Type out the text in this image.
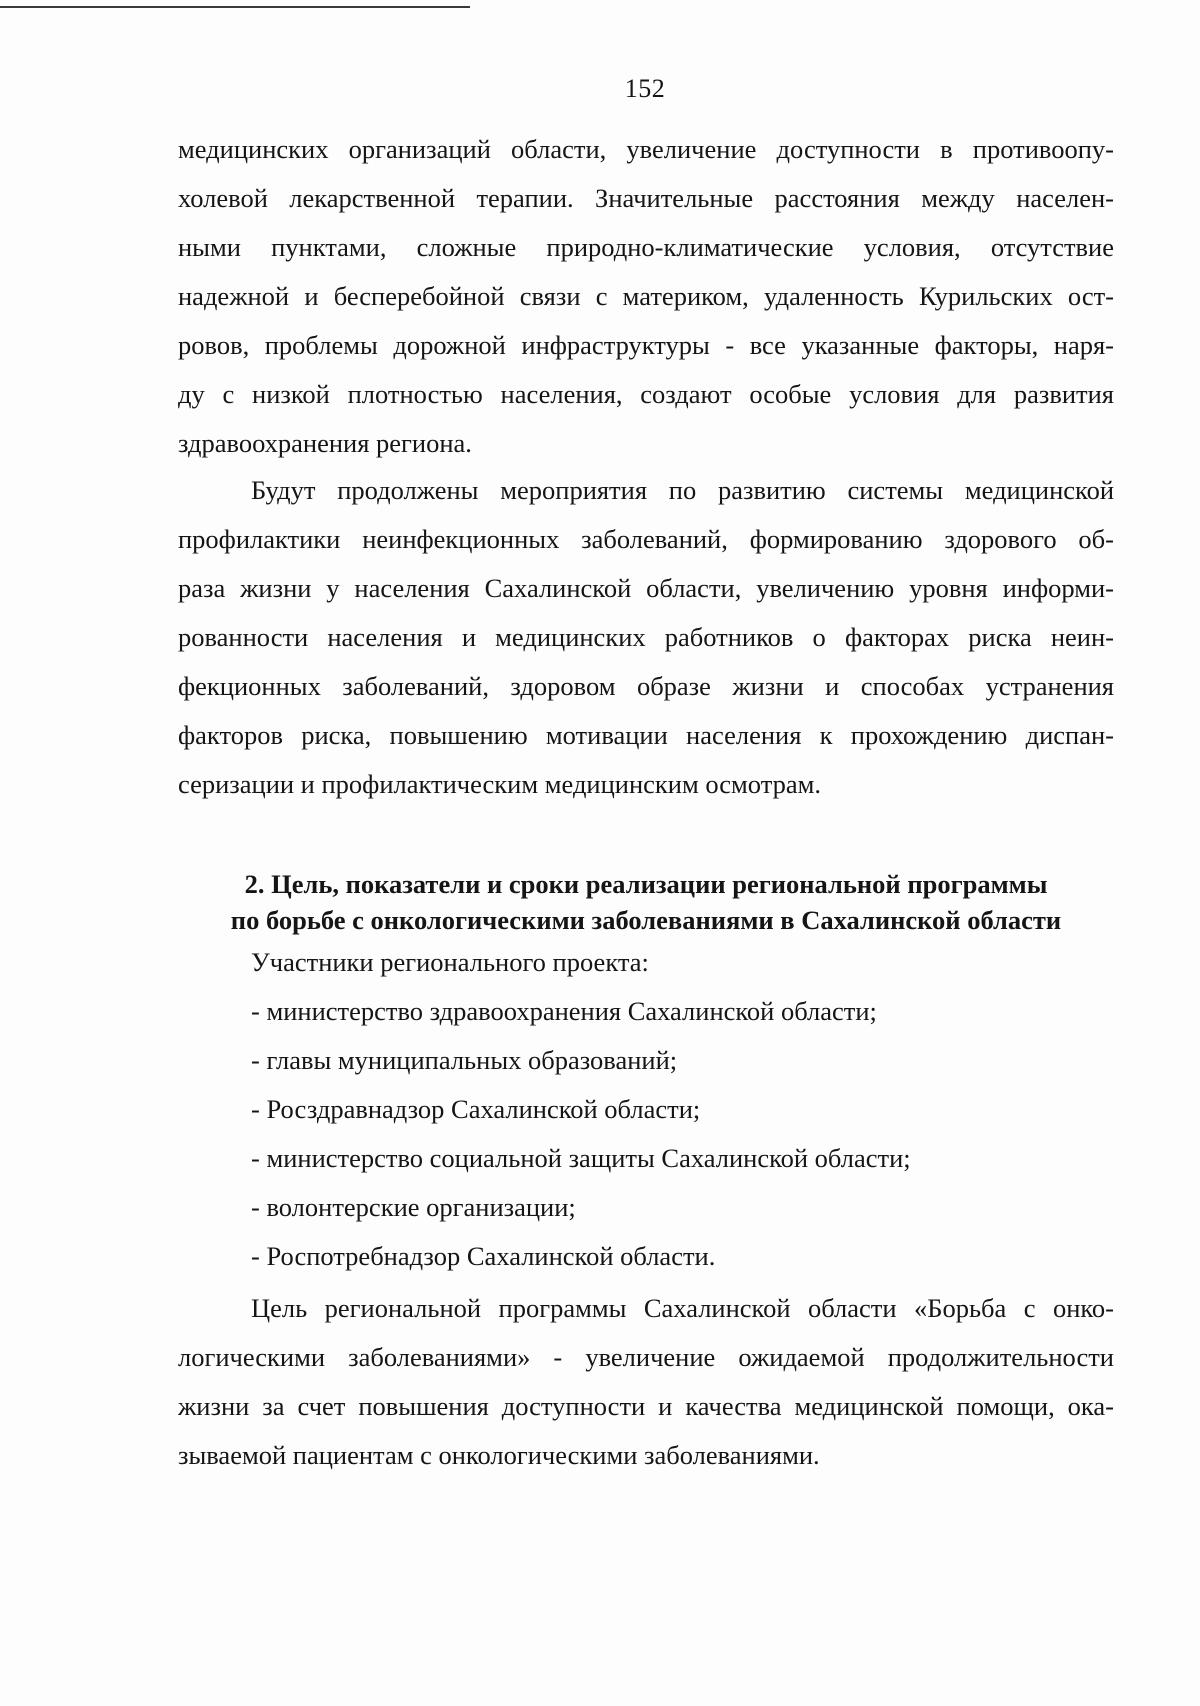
152
медицинских организаций области, увеличение доступности в противоопу-
холевой лекарственной терапии. Значительные расстояния между населен-
ными пунктами, сложные природно-климатические условия, отсутствие
надежной и бесперебойной связи с материком, удаленность Курильских ост-
ровов, проблемы дорожной инфраструктуры - все указанные факторы, наря-
ду с низкой плотностью населения, создают особые условия для развития
здравоохранения региона.
Будут продолжены мероприятия по развитию системы медицинской
профилактики неинфекционных заболеваний, формированию здорового об-
раза жизни у населения Сахалинской области, увеличению уровня информи-
рованности населения и медицинских работников о факторах риска неин-
фекционных заболеваний, здоровом образе жизни и способах устранения
факторов риска, повышению мотивации населения к прохождению диспан-
серизации и профилактическим медицинским осмотрам.
2. Цель, показатели и сроки реализации региональной программы
по борьбе с онкологическими заболеваниями в Сахалинской области
Участники регионального проекта:
- министерство здравоохранения Сахалинской области;
- главы муниципальных образований;
- Росздравнадзор Сахалинской области;
- министерство социальной защиты Сахалинской области;
- волонтерские организации;
- Роспотребнадзор Сахалинской области.
Цель региональной программы Сахалинской области «Борьба с онко-
логическими заболеваниями» - увеличение ожидаемой продолжительности
жизни за счет повышения доступности и качества медицинской помощи, ока-
зываемой пациентам с онкологическими заболеваниями.
